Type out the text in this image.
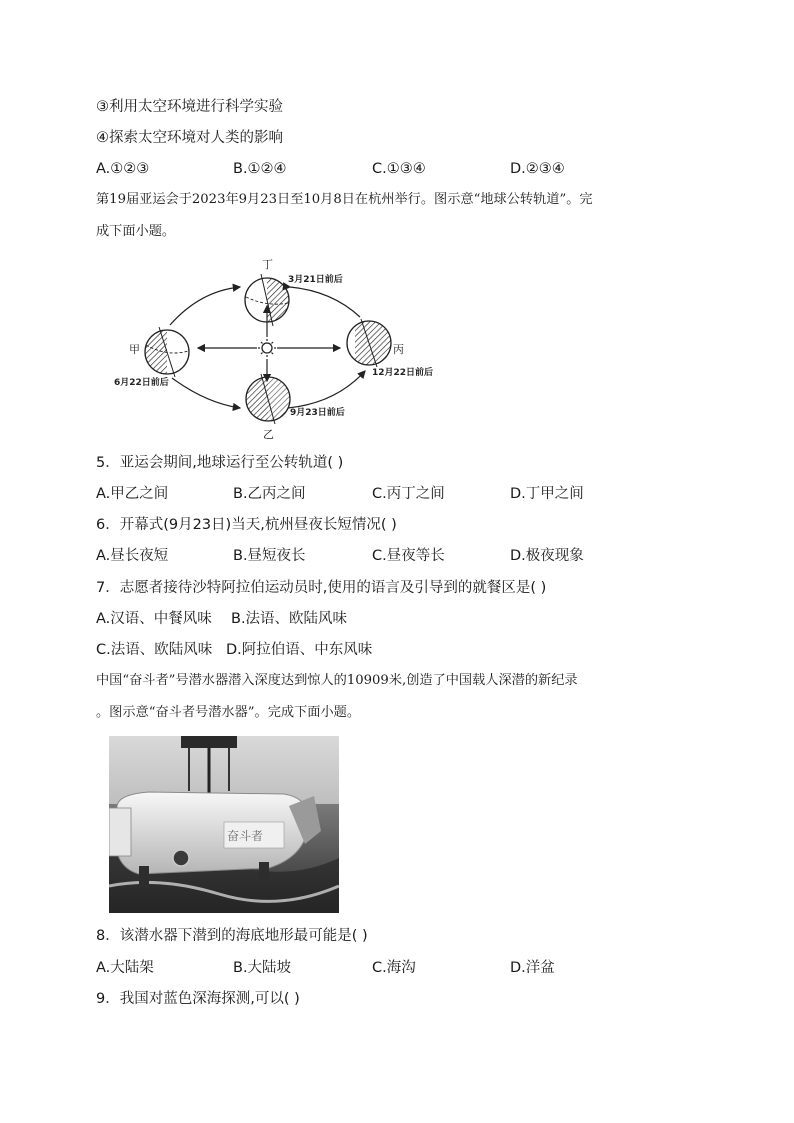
③利用太空环境进行科学实验
④探索太空环境对人类的影响
A.①②③	B.①②④	C.①③④	D.②③④
第19届亚运会于2023年9月23日至10月8日在杭州举行。图示意“地球公转轨道”。完
成下面小题。
丁
3月21日前后
甲
6月22日前后
丙
12月22日前后
9月23日前后
乙
5．亚运会期间,地球运行至公转轨道( )
A.甲乙之间	B.乙丙之间	C.丙丁之间	D.丁甲之间
6．开幕式(9月23日)当天,杭州昼夜长短情况( )
A.昼长夜短	B.昼短夜长	C.昼夜等长	D.极夜现象
7．志愿者接待沙特阿拉伯运动员时,使用的语言及引导到的就餐区是( )
A.汉语、中餐风味 B.法语、欧陆风味
C.法语、欧陆风味 D.阿拉伯语、中东风味
中国“奋斗者”号潜水器潜入深度达到惊人的10909米,创造了中国载人深潜的新纪录
。图示意“奋斗者号潜水器”。完成下面小题。
奋斗者
8．该潜水器下潜到的海底地形最可能是( )
A.大陆架	B.大陆坡	C.海沟	D.洋盆
9．我国对蓝色深海探测,可以( )
